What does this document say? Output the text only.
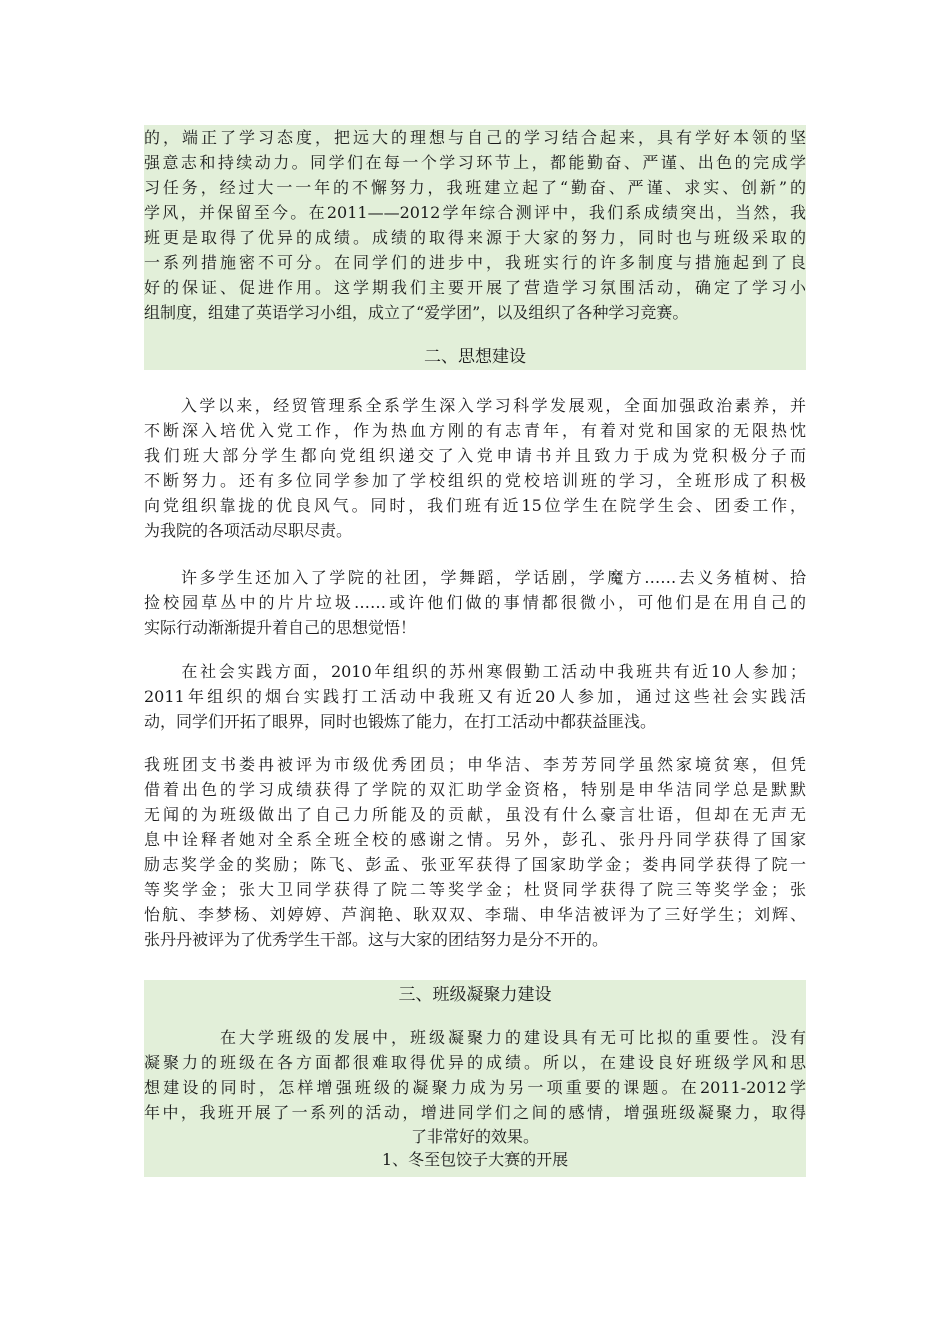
的，端正了学习态度，把远大的理想与自己的学习结合起来，具有学好本领的坚
强意志和持续动力。同学们在每一个学习环节上，都能勤奋、严谨、出色的完成学
习任务，经过大一一年的不懈努力，我班建立起了“勤奋、严谨、求实、创新”的
学风，并保留至今。在2011——2012学年综合测评中，我们系成绩突出，当然，我
班更是取得了优异的成绩。成绩的取得来源于大家的努力，同时也与班级采取的
一系列措施密不可分。在同学们的进步中，我班实行的许多制度与措施起到了良
好的保证、促进作用。这学期我们主要开展了营造学习氛围活动，确定了学习小
组制度，组建了英语学习小组，成立了“爱学团”，以及组织了各种学习竞赛。
二、思想建设
　　入学以来，经贸管理系全系学生深入学习科学发展观，全面加强政治素养，并
不断深入培优入党工作，作为热血方刚的有志青年，有着对党和国家的无限热忱
我们班大部分学生都向党组织递交了入党申请书并且致力于成为党积极分子而
不断努力。还有多位同学参加了学校组织的党校培训班的学习，全班形成了积极
向党组织靠拢的优良风气。同时，我们班有近15位学生在院学生会、团委工作，
为我院的各项活动尽职尽责。
　　许多学生还加入了学院的社团，学舞蹈，学话剧，学魔方……去义务植树、拾
捡校园草丛中的片片垃圾……或许他们做的事情都很微小，可他们是在用自己的
实际行动渐渐提升着自己的思想觉悟！
　　在社会实践方面，2010年组织的苏州寒假勤工活动中我班共有近10人参加；
2011年组织的烟台实践打工活动中我班又有近20人参加，通过这些社会实践活
动，同学们开拓了眼界，同时也锻炼了能力，在打工活动中都获益匪浅。
我班团支书娄冉被评为市级优秀团员；申华洁、李芳芳同学虽然家境贫寒，但凭
借着出色的学习成绩获得了学院的双汇助学金资格，特别是申华洁同学总是默默
无闻的为班级做出了自己力所能及的贡献，虽没有什么豪言壮语，但却在无声无
息中诠释者她对全系全班全校的感谢之情。另外，彭孔、张丹丹同学获得了国家
励志奖学金的奖励；陈飞、彭孟、张亚军获得了国家助学金；娄冉同学获得了院一
等奖学金；张大卫同学获得了院二等奖学金；杜贤同学获得了院三等奖学金；张
怡航、李梦杨、刘婷婷、芦润艳、耿双双、李瑞、申华洁被评为了三好学生；刘辉、
张丹丹被评为了优秀学生干部。这与大家的团结努力是分不开的。
三、班级凝聚力建设
　　　　在大学班级的发展中，班级凝聚力的建设具有无可比拟的重要性。没有
凝聚力的班级在各方面都很难取得优异的成绩。所以，在建设良好班级学风和思
想建设的同时，怎样增强班级的凝聚力成为另一项重要的课题。在2011-2012学
年中，我班开展了一系列的活动，增进同学们之间的感情，增强班级凝聚力，取得
了非常好的效果。
1、冬至包饺子大赛的开展
